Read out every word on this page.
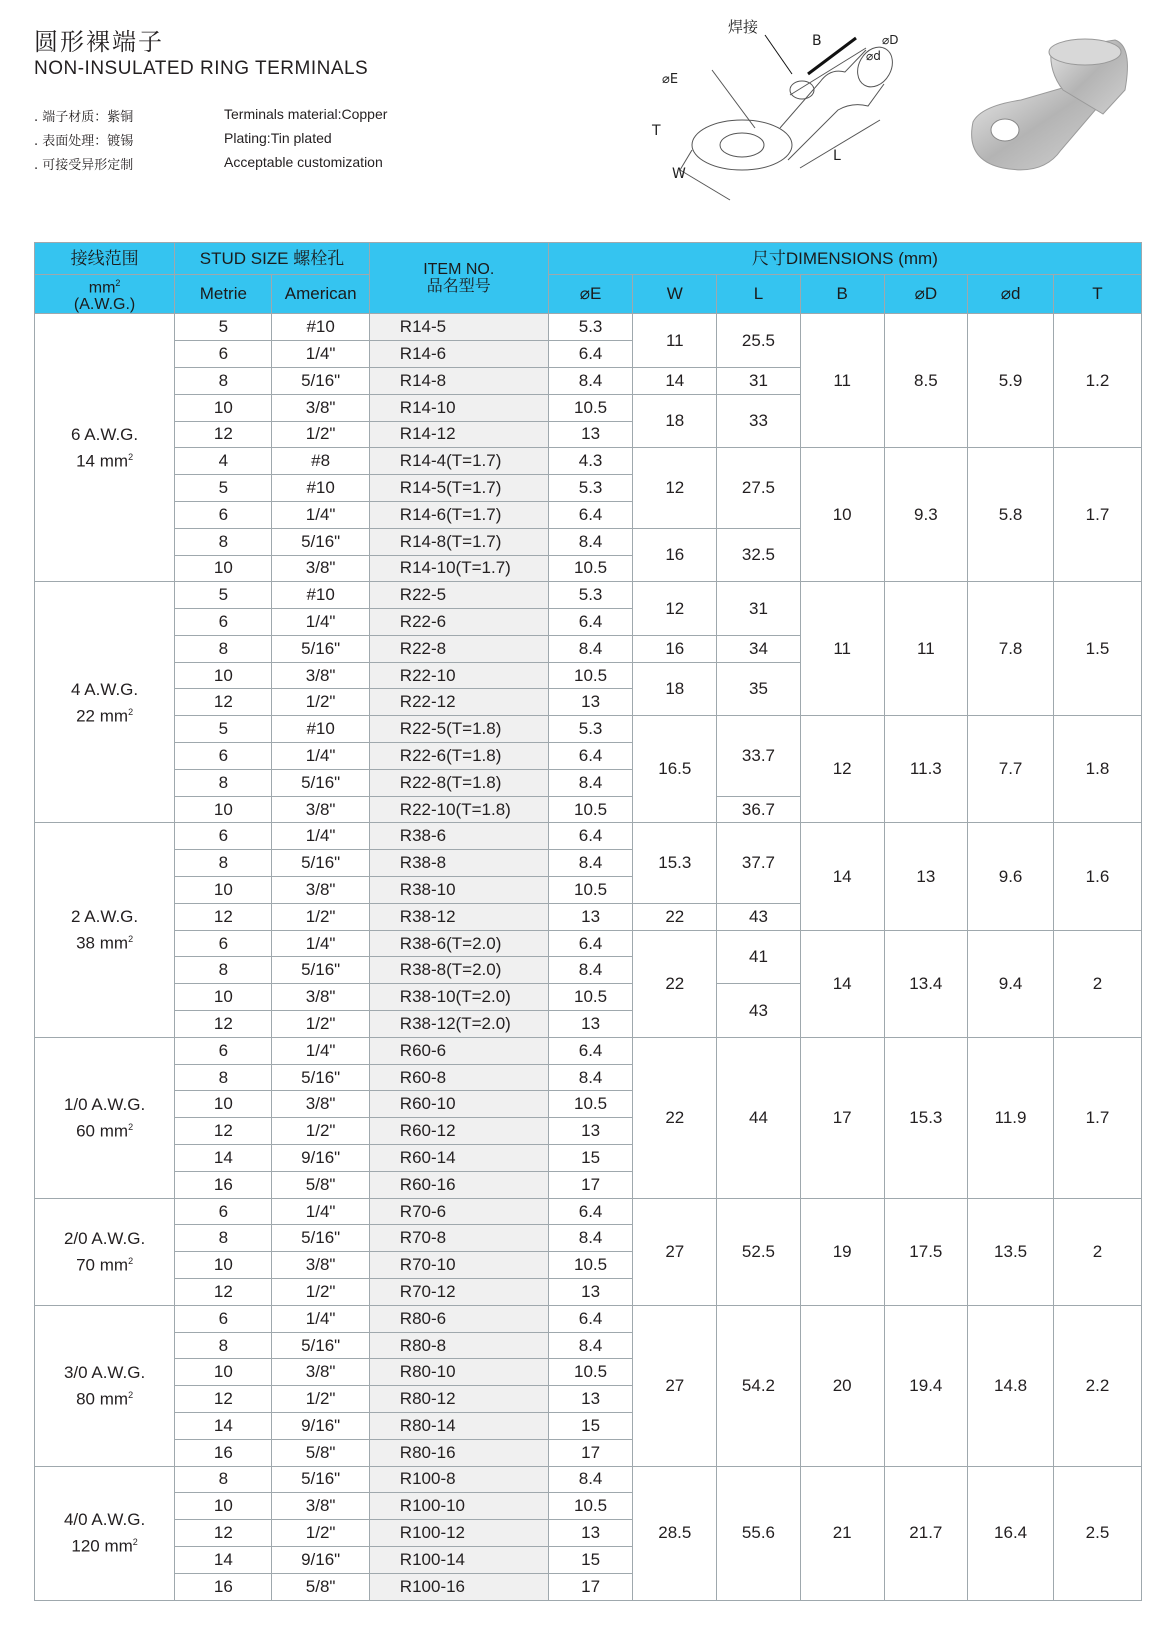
圆形裸端子
NON-INSULATED RING TERMINALS
. 端子材质：紫铜	Terminals material:Copper
. 表面处理：镀锡	Plating:Tin plated
. 可接受异形定制	Acceptable customization
焊接
B
⌀d
⌀D
⌀E
T
L
W
接线范围	STUD SIZE 螺栓孔		ITEM NO.
品名型号	尺寸DIMENSIONS (mm)						

$mm^2$
(A.W.G.)	Metrie	American		⌀E	W	L	B	⌀D	⌀d	T

6 A.W.G.
14 $mm^2$	5	#10	R14-5	5.3	11	25.5	11	8.5	5.9	1.2
	6	1/4"	R14-6	6.4						
	8	5/16"	R14-8	8.4	14	31				
	10	3/8"	R14-10	10.5	18	33				
	12	1/2"	R14-12	13						
	4	#8	R14-4(T=1.7)	4.3	12	27.5	10	9.3	5.8	1.7
	5	#10	R14-5(T=1.7)	5.3						
	6	1/4"	R14-6(T=1.7)	6.4						
	8	5/16"	R14-8(T=1.7)	8.4	16	32.5				
	10	3/8"	R14-10(T=1.7)	10.5						

4 A.W.G.
22 $mm^2$	5	#10	R22-5	5.3	12	31	11	11	7.8	1.5
	6	1/4"	R22-6	6.4						
	8	5/16"	R22-8	8.4	16	34				
	10	3/8"	R22-10	10.5	18	35				
	12	1/2"	R22-12	13						
	5	#10	R22-5(T=1.8)	5.3	16.5	33.7	12	11.3	7.7	1.8
	6	1/4"	R22-6(T=1.8)	6.4						
	8	5/16"	R22-8(T=1.8)	8.4						
	10	3/8"	R22-10(T=1.8)	10.5		36.7				

2 A.W.G.
38 $mm^2$	6	1/4"	R38-6	6.4	15.3	37.7	14	13	9.6	1.6
	8	5/16"	R38-8	8.4						
	10	3/8"	R38-10	10.5						
	12	1/2"	R38-12	13	22	43				
	6	1/4"	R38-6(T=2.0)	6.4	22	41	14	13.4	9.4	2
	8	5/16"	R38-8(T=2.0)	8.4						
	10	3/8"	R38-10(T=2.0)	10.5		43				
	12	1/2"	R38-12(T=2.0)	13						

1/0 A.W.G.
60 $mm^2$	6	1/4"	R60-6	6.4	22	44	17	15.3	11.9	1.7
	8	5/16"	R60-8	8.4						
	10	3/8"	R60-10	10.5						
	12	1/2"	R60-12	13						
	14	9/16"	R60-14	15						
	16	5/8"	R60-16	17						

2/0 A.W.G.
70 $mm^2$	6	1/4"	R70-6	6.4	27	52.5	19	17.5	13.5	2
	8	5/16"	R70-8	8.4						
	10	3/8"	R70-10	10.5						
	12	1/2"	R70-12	13						

3/0 A.W.G.
80 $mm^2$	6	1/4"	R80-6	6.4	27	54.2	20	19.4	14.8	2.2
	8	5/16"	R80-8	8.4						
	10	3/8"	R80-10	10.5						
	12	1/2"	R80-12	13						
	14	9/16"	R80-14	15						
	16	5/8"	R80-16	17						

4/0 A.W.G.
120 $mm^2$	8	5/16"	R100-8	8.4	28.5	55.6	21	21.7	16.4	2.5
	10	3/8"	R100-10	10.5						
	12	1/2"	R100-12	13						
	14	9/16"	R100-14	15						
	16	5/8"	R100-16	17						
